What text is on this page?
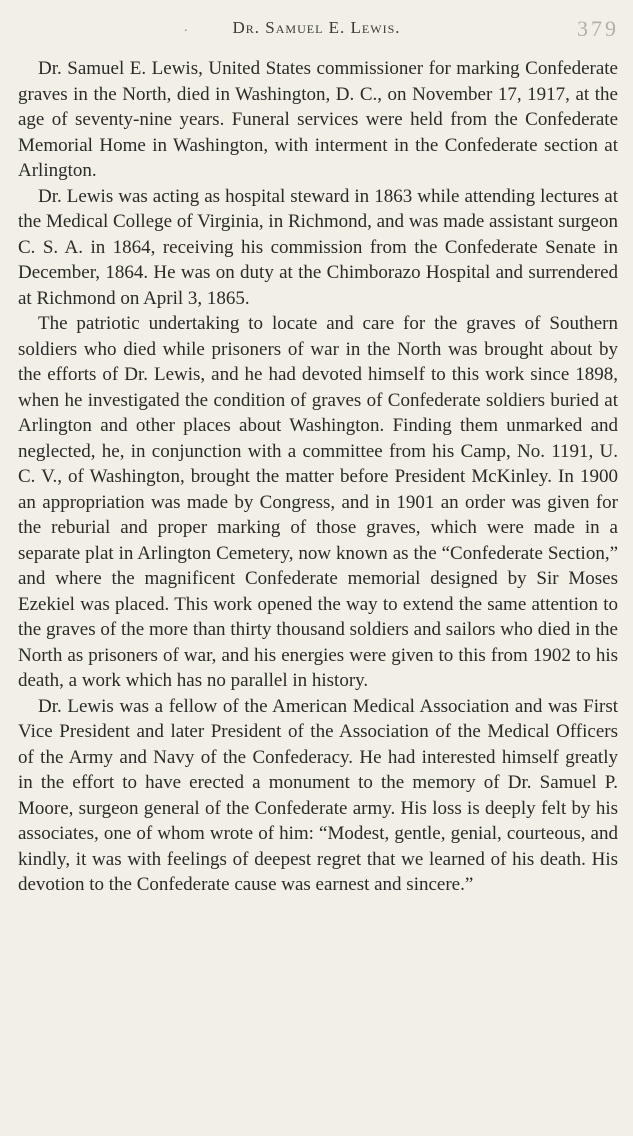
.	Dr. Samuel E. Lewis.	379

Dr. Samuel E. Lewis, United States commissioner for marking Confederate graves in the North, died in Washington, D. C., on November 17, 1917, at the age of seventy-nine years. Funeral services were held from the Confederate Memorial Home in Washington, with interment in the Confederate section at Arlington.

Dr. Lewis was acting as hospital steward in 1863 while attending lectures at the Medical College of Virginia, in Richmond, and was made assistant surgeon C. S. A. in 1864, receiving his commission from the Confederate Senate in December, 1864. He was on duty at the Chimborazo Hospital and surrendered at Richmond on April 3, 1865.

The patriotic undertaking to locate and care for the graves of Southern soldiers who died while prisoners of war in the North was brought about by the efforts of Dr. Lewis, and he had devoted himself to this work since 1898, when he investigated the condition of graves of Confederate soldiers buried at Arlington and other places about Washington. Finding them unmarked and neglected, he, in conjunction with a committee from his Camp, No. 1191, U. C. V., of Washington, brought the matter before President McKinley. In 1900 an appropriation was made by Congress, and in 1901 an order was given for the reburial and proper marking of those graves, which were made in a separate plat in Arlington Cemetery, now known as the “Confederate Section,” and where the magnificent Confederate memorial designed by Sir Moses Ezekiel was placed. This work opened the way to extend the same attention to the graves of the more than thirty thousand soldiers and sailors who died in the North as prisoners of war, and his energies were given to this from 1902 to his death, a work which has no parallel in history.

Dr. Lewis was a fellow of the American Medical Association and was First Vice President and later President of the Association of the Medical Officers of the Army and Navy of the Confederacy. He had interested himself greatly in the effort to have erected a monument to the memory of Dr. Samuel P. Moore, surgeon general of the Confederate army. His loss is deeply felt by his associates, one of whom wrote of him: “Modest, gentle, genial, courteous, and kindly, it was with feelings of deepest regret that we learned of his death. His devotion to the Confederate cause was earnest and sincere.”
